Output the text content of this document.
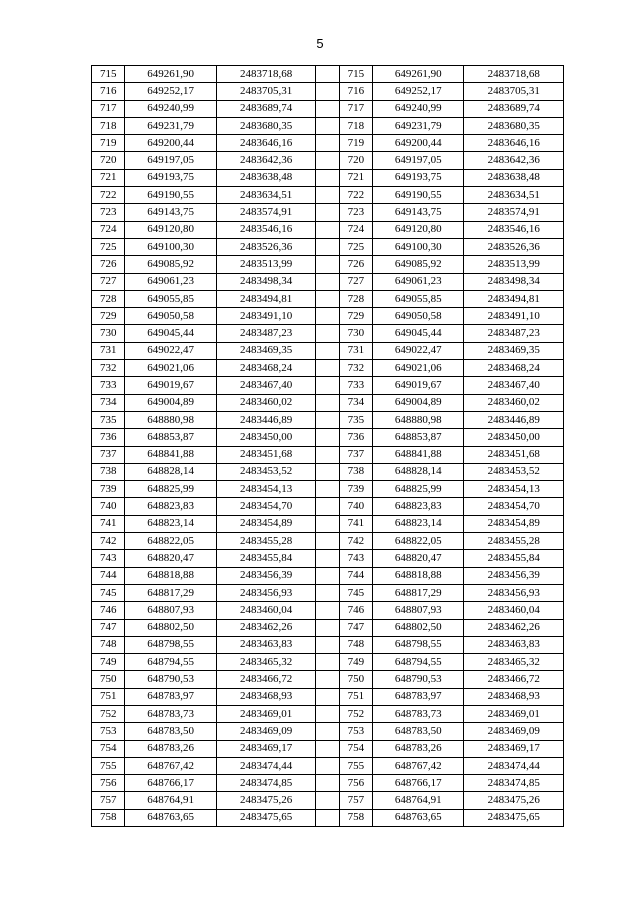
5
715	649261,90	2483718,68		715	649261,90	2483718,68
716	649252,17	2483705,31		716	649252,17	2483705,31
717	649240,99	2483689,74		717	649240,99	2483689,74
718	649231,79	2483680,35		718	649231,79	2483680,35
719	649200,44	2483646,16		719	649200,44	2483646,16
720	649197,05	2483642,36		720	649197,05	2483642,36
721	649193,75	2483638,48		721	649193,75	2483638,48
722	649190,55	2483634,51		722	649190,55	2483634,51
723	649143,75	2483574,91		723	649143,75	2483574,91
724	649120,80	2483546,16		724	649120,80	2483546,16
725	649100,30	2483526,36		725	649100,30	2483526,36
726	649085,92	2483513,99		726	649085,92	2483513,99
727	649061,23	2483498,34		727	649061,23	2483498,34
728	649055,85	2483494,81		728	649055,85	2483494,81
729	649050,58	2483491,10		729	649050,58	2483491,10
730	649045,44	2483487,23		730	649045,44	2483487,23
731	649022,47	2483469,35		731	649022,47	2483469,35
732	649021,06	2483468,24		732	649021,06	2483468,24
733	649019,67	2483467,40		733	649019,67	2483467,40
734	649004,89	2483460,02		734	649004,89	2483460,02
735	648880,98	2483446,89		735	648880,98	2483446,89
736	648853,87	2483450,00		736	648853,87	2483450,00
737	648841,88	2483451,68		737	648841,88	2483451,68
738	648828,14	2483453,52		738	648828,14	2483453,52
739	648825,99	2483454,13		739	648825,99	2483454,13
740	648823,83	2483454,70		740	648823,83	2483454,70
741	648823,14	2483454,89		741	648823,14	2483454,89
742	648822,05	2483455,28		742	648822,05	2483455,28
743	648820,47	2483455,84		743	648820,47	2483455,84
744	648818,88	2483456,39		744	648818,88	2483456,39
745	648817,29	2483456,93		745	648817,29	2483456,93
746	648807,93	2483460,04		746	648807,93	2483460,04
747	648802,50	2483462,26		747	648802,50	2483462,26
748	648798,55	2483463,83		748	648798,55	2483463,83
749	648794,55	2483465,32		749	648794,55	2483465,32
750	648790,53	2483466,72		750	648790,53	2483466,72
751	648783,97	2483468,93		751	648783,97	2483468,93
752	648783,73	2483469,01		752	648783,73	2483469,01
753	648783,50	2483469,09		753	648783,50	2483469,09
754	648783,26	2483469,17		754	648783,26	2483469,17
755	648767,42	2483474,44		755	648767,42	2483474,44
756	648766,17	2483474,85		756	648766,17	2483474,85
757	648764,91	2483475,26		757	648764,91	2483475,26
758	648763,65	2483475,65		758	648763,65	2483475,65
